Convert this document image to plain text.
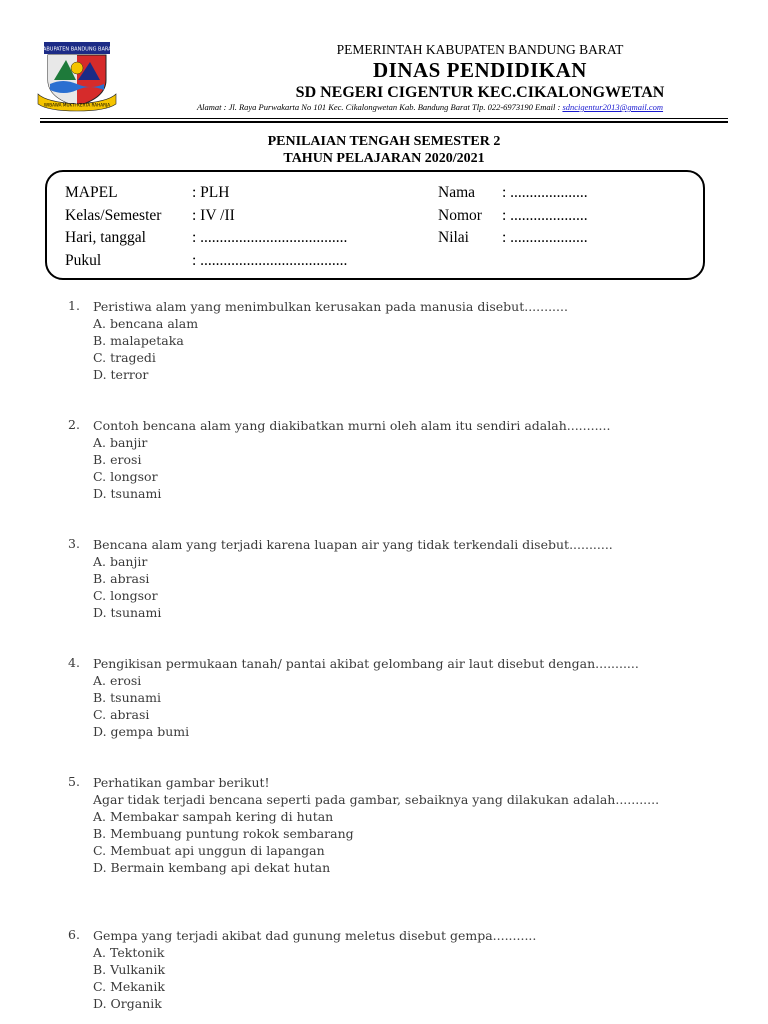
KABUPATEN BANDUNG BARAT
WIBAWA MUKTI KERTA RAHARJA
PEMERINTAH KABUPATEN BANDUNG BARAT
DINAS PENDIDIKAN
SD NEGERI CIGENTUR KEC.CIKALONGWETAN
Alamat : Jl. Raya Purwakarta No 101 Kec. Cikalongwetan Kab. Bandung Barat Tlp. 022-6973190 Email : sdncigentur2013@gmail.com
PENILAIAN TENGAH SEMESTER 2
TAHUN PELAJARAN 2020/2021
MAPEL	: PLH
Kelas/Semester : IV /II
Hari, tanggal	: ......................................
Pukul	: ......................................
Nama : ....................
Nomor : ....................
Nilai : ....................
1. Peristiwa alam yang menimbulkan kerusakan pada manusia disebut...........
A. bencana alam
B. malapetaka
C. tragedi
D. terror
2. Contoh bencana alam yang diakibatkan murni oleh alam itu sendiri adalah...........
A. banjir
B. erosi
C. longsor
D. tsunami
3. Bencana alam yang terjadi karena luapan air yang tidak terkendali disebut...........
A. banjir
B. abrasi
C. longsor
D. tsunami
4. Pengikisan permukaan tanah/ pantai akibat gelombang air laut disebut dengan...........
A. erosi
B. tsunami
C. abrasi
D. gempa bumi
5. Perhatikan gambar berikut!
Agar tidak terjadi bencana seperti pada gambar, sebaiknya yang dilakukan adalah...........
A. Membakar sampah kering di hutan
B. Membuang puntung rokok sembarang
C. Membuat api unggun di lapangan
D. Bermain kembang api dekat hutan
6. Gempa yang terjadi akibat dad gunung meletus disebut gempa...........
A. Tektonik
B. Vulkanik
C. Mekanik
D. Organik
